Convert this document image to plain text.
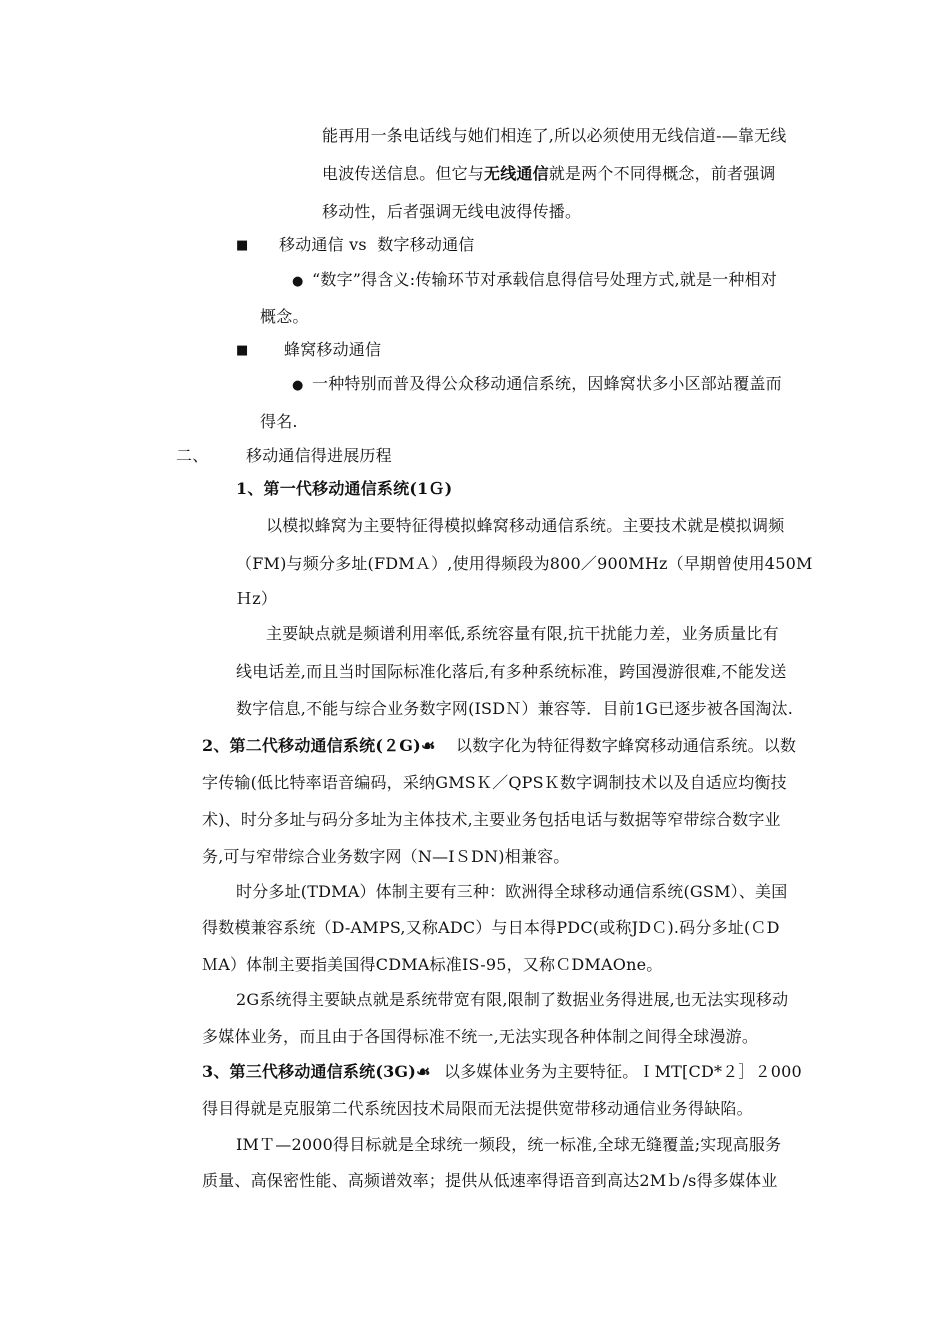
能再用一条电话线与她们相连了,所以必须使用无线信道-—靠无线
电波传送信息。但它与无线通信就是两个不同得概念，前者强调
移动性，后者强调无线电波得传播。
■ 移动通信 vs  数字移动通信
● “数字”得含义:传输环节对承载信息得信号处理方式,就是一种相对
概念。
■ 蜂窝移动通信
● 一种特别而普及得公众移动通信系统，因蜂窝状多小区部站覆盖而
得名.
二、 移动通信得进展历程
1、第一代移动通信系统(1Ｇ)
以模拟蜂窝为主要特征得模拟蜂窝移动通信系统。主要技术就是模拟调频
（FM)与频分多址(FDMＡ）,使用得频段为800／900MHz（早期曾使用450M
Ｈz）
主要缺点就是频谱利用率低,系统容量有限,抗干扰能力差，业务质量比有
线电话差,而且当时国际标准化落后,有多种系统标准，跨国漫游很难,不能发送
数字信息,不能与综合业务数字网(ISDＮ）兼容等．目前1G已逐步被各国淘汰.
2、第二代移动通信系统(２G)☙ 以数字化为特征得数字蜂窝移动通信系统。以数
字传输(低比特率语音编码，采纳GMSＫ／QPSＫ数字调制技术以及自适应均衡技
术)、时分多址与码分多址为主体技术,主要业务包括电话与数据等窄带综合数字业
务,可与窄带综合业务数字网（N—IＳDN)相兼容。
时分多址(TDMA）体制主要有三种：欧洲得全球移动通信系统(GSM）、美国
得数模兼容系统（D-AMPS,又称ADC）与日本得PDC(或称JDＣ).码分多址(ＣD
ＭA）体制主要指美国得CDMA标准IS-95，又称ＣDMAOne。
2G系统得主要缺点就是系统带宽有限,限制了数据业务得进展,也无法实现移动
多媒体业务，而且由于各国得标准不统一,无法实现各种体制之间得全球漫游。
3、第三代移动通信系统(3G)☙ 以多媒体业务为主要特征。ＩMT[CD*２］２000
得目得就是克服第二代系统因技术局限而无法提供宽带移动通信业务得缺陷。
IMＴ—2000得目标就是全球统一频段，统一标准,全球无缝覆盖;实现高服务
质量、高保密性能、高频谱效率；提供从低速率得语音到高达2Mｂ/s得多媒体业
